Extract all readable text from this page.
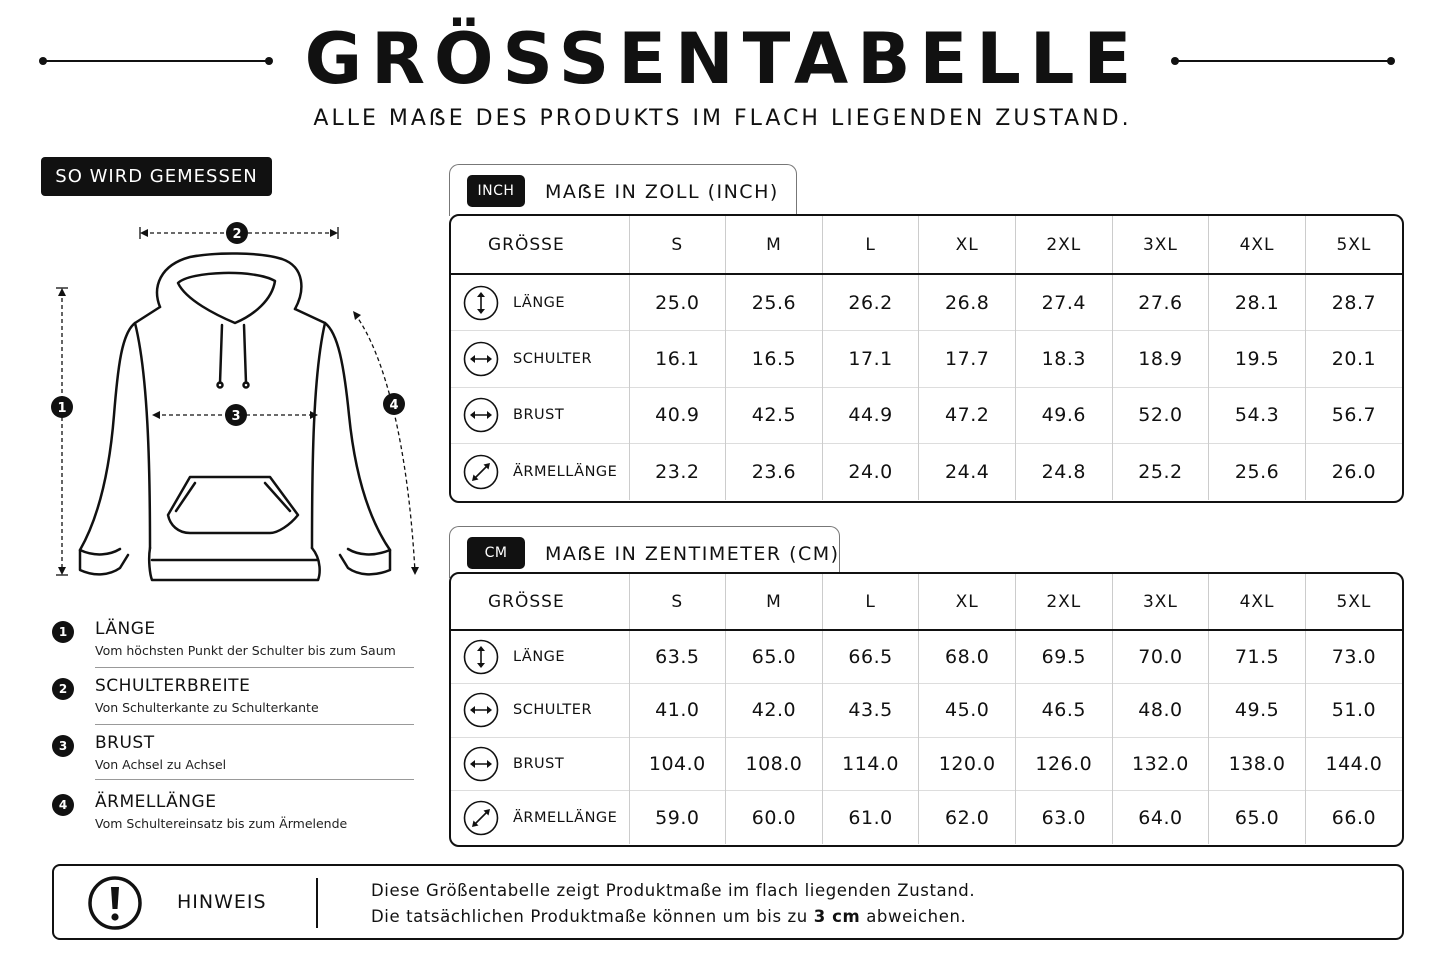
GRÖSSENTABELLE
ALLE MAẞE DES PRODUKTS IM FLACH LIEGENDEN ZUSTAND.
SO WIRD GEMESSEN
2
3
1	4
1	LÄNGE
Vom höchsten Punkt der Schulter bis zum Saum
2	SCHULTERBREITE
Von Schulterkante zu Schulterkante
3	BRUST
Von Achsel zu Achsel
4	ÄRMELLÄNGE
Vom Schultereinsatz bis zum Ärmelende
INCH	MAẞE IN ZOLL (INCH)
GRÖSSE	S	M	L	XL	2XL	3XL	4XL	5XL

LÄNGE	25.0	25.6	26.2	26.8	27.4	27.6	28.1	28.7

SCHULTER	16.1	16.5	17.1	17.7	18.3	18.9	19.5	20.1

BRUST	40.9	42.5	44.9	47.2	49.6	52.0	54.3	56.7

ÄRMELLÄNGE	23.2	23.6	24.0	24.4	24.8	25.2	25.6	26.0
CM	MAẞE IN ZENTIMETER (CM)
GRÖSSE	S	M	L	XL	2XL	3XL	4XL	5XL

LÄNGE	63.5	65.0	66.5	68.0	69.5	70.0	71.5	73.0

SCHULTER	41.0	42.0	43.5	45.0	46.5	48.0	49.5	51.0

BRUST	104.0	108.0	114.0	120.0	126.0	132.0	138.0	144.0

ÄRMELLÄNGE	59.0	60.0	61.0	62.0	63.0	64.0	65.0	66.0
HINWEIS
Diese Größentabelle zeigt Produktmaße im flach liegenden Zustand.
Die tatsächlichen Produktmaße können um bis zu 3 cm abweichen.
